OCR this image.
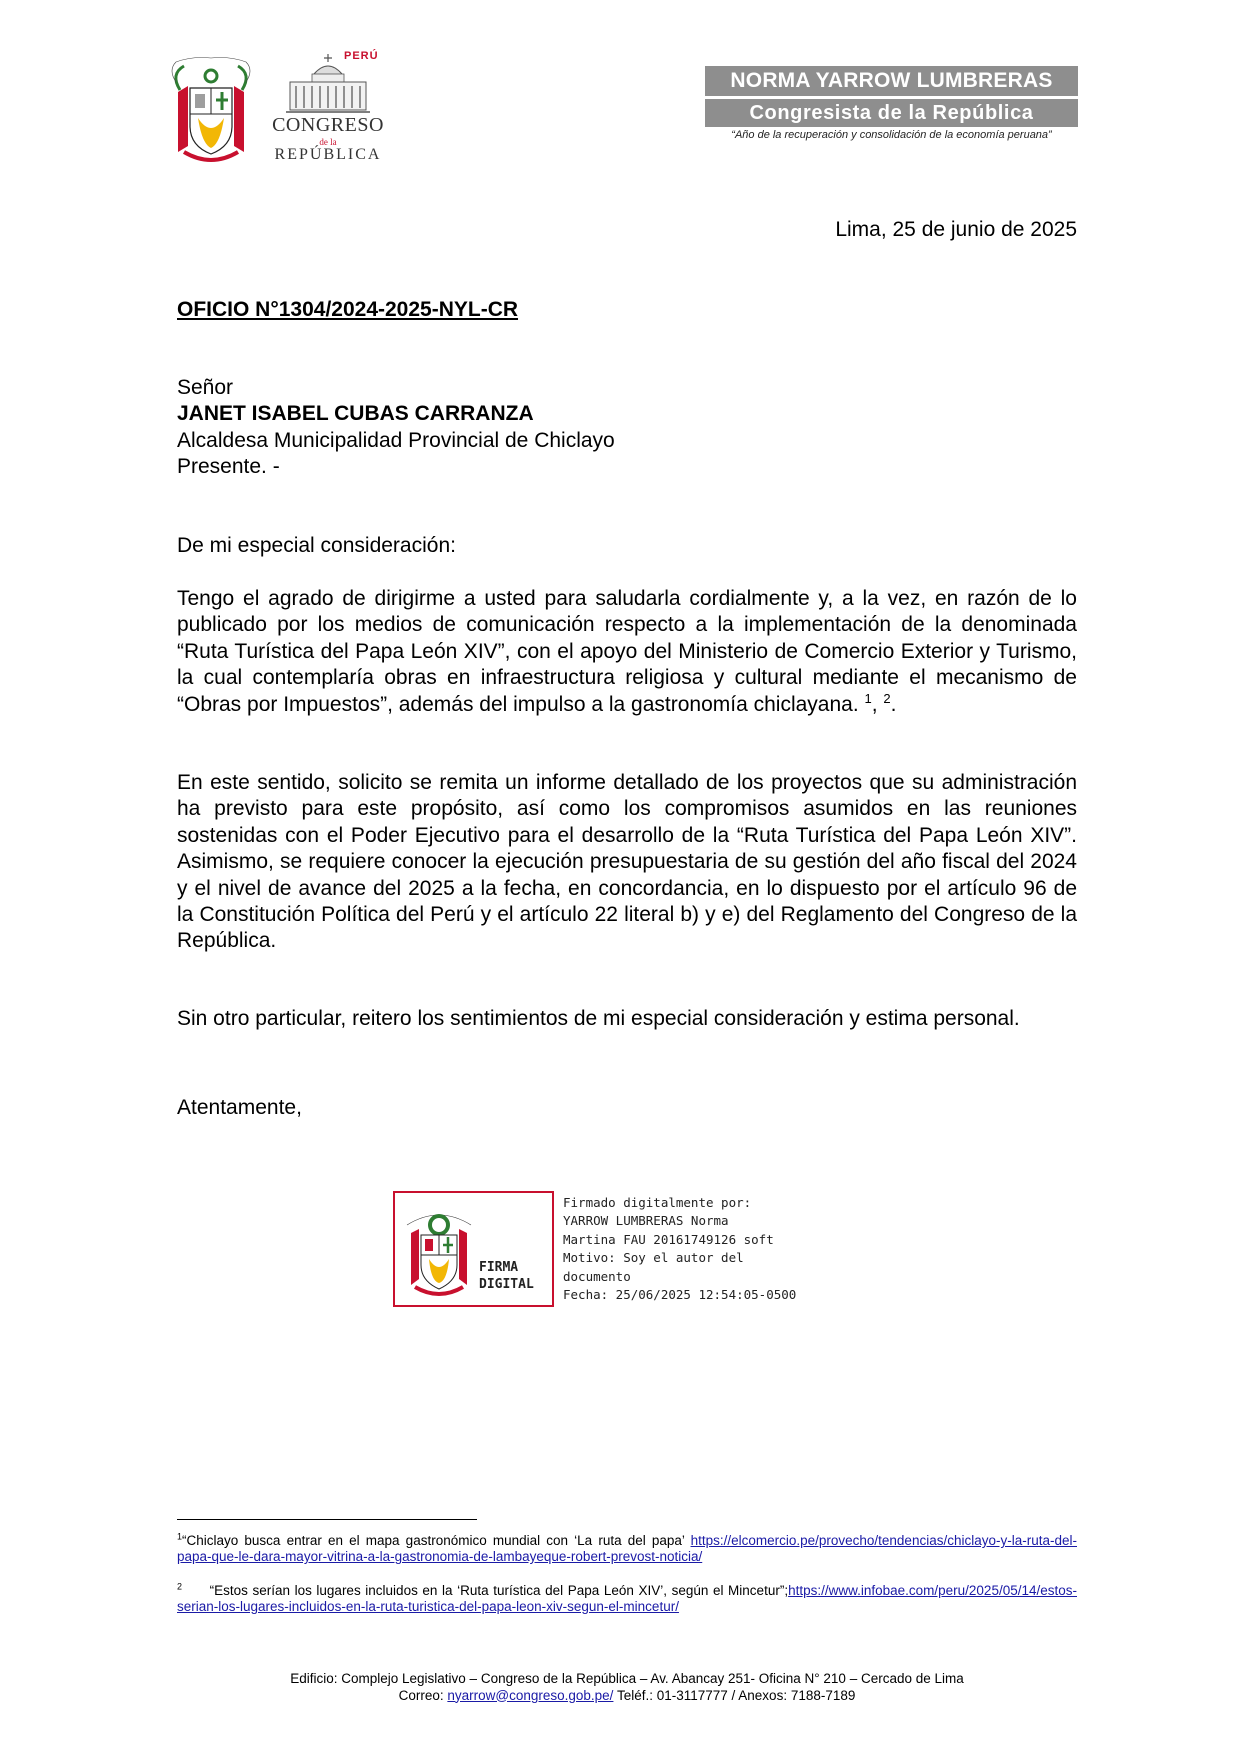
PERÚ
CONGRESO
de la
REPÚBLICA
NORMA YARROW LUMBRERAS
Congresista de la República
“Año de la recuperación y consolidación de la economía peruana”
Lima, 25 de junio de 2025
OFICIO N°1304/2024-2025-NYL-CR
Señor
JANET ISABEL CUBAS CARRANZA
Alcaldesa Municipalidad Provincial de Chiclayo
Presente. -
De mi especial consideración:
Tengo el agrado de dirigirme a usted para saludarla cordialmente y, a la vez, en razón de lo publicado por los medios de comunicación respecto a la implementación de la denominada “Ruta Turística del Papa León XIV”, con el apoyo del Ministerio de Comercio Exterior y Turismo, la cual contemplaría obras en infraestructura religiosa y cultural mediante el mecanismo de “Obras por Impuestos”, además del impulso a la gastronomía chiclayana. $^1$, $^2$.
En este sentido, solicito se remita un informe detallado de los proyectos que su administración ha previsto para este propósito, así como los compromisos asumidos en las reuniones sostenidas con el Poder Ejecutivo para el desarrollo de la “Ruta Turística del Papa León XIV”. Asimismo, se requiere conocer la ejecución presupuestaria de su gestión del año fiscal del 2024 y el nivel de avance del 2025 a la fecha, en concordancia, en lo dispuesto por el artículo 96 de la Constitución Política del Perú y el artículo 22 literal b) y e) del Reglamento del Congreso de la República.
Sin otro particular, reitero los sentimientos de mi especial consideración y estima personal.
Atentamente,
FIRMA
DIGITAL
Firmado digitalmente por:
YARROW LUMBRERAS Norma
Martina FAU 20161749126 soft
Motivo: Soy el autor del
documento
Fecha: 25/06/2025 12:54:05-0500
$^1$“Chiclayo busca entrar en el mapa gastronómico mundial con ‘La ruta del papa’ https://elcomercio.pe/provecho/tendencias/chiclayo-y-la-ruta-del-papa-que-le-dara-mayor-vitrina-a-la-gastronomia-de-lambayeque-robert-prevost-noticia/
$^2$ “Estos serían los lugares incluidos en la ‘Ruta turística del Papa León XIV’, según el Mincetur”;https://www.infobae.com/peru/2025/05/14/estos-serian-los-lugares-incluidos-en-la-ruta-turistica-del-papa-leon-xiv-segun-el-mincetur/
Edificio: Complejo Legislativo – Congreso de la República – Av. Abancay 251- Oficina N° 210 – Cercado de Lima
Correo: nyarrow@congreso.gob.pe/ Teléf.: 01-3117777 / Anexos: 7188-7189
